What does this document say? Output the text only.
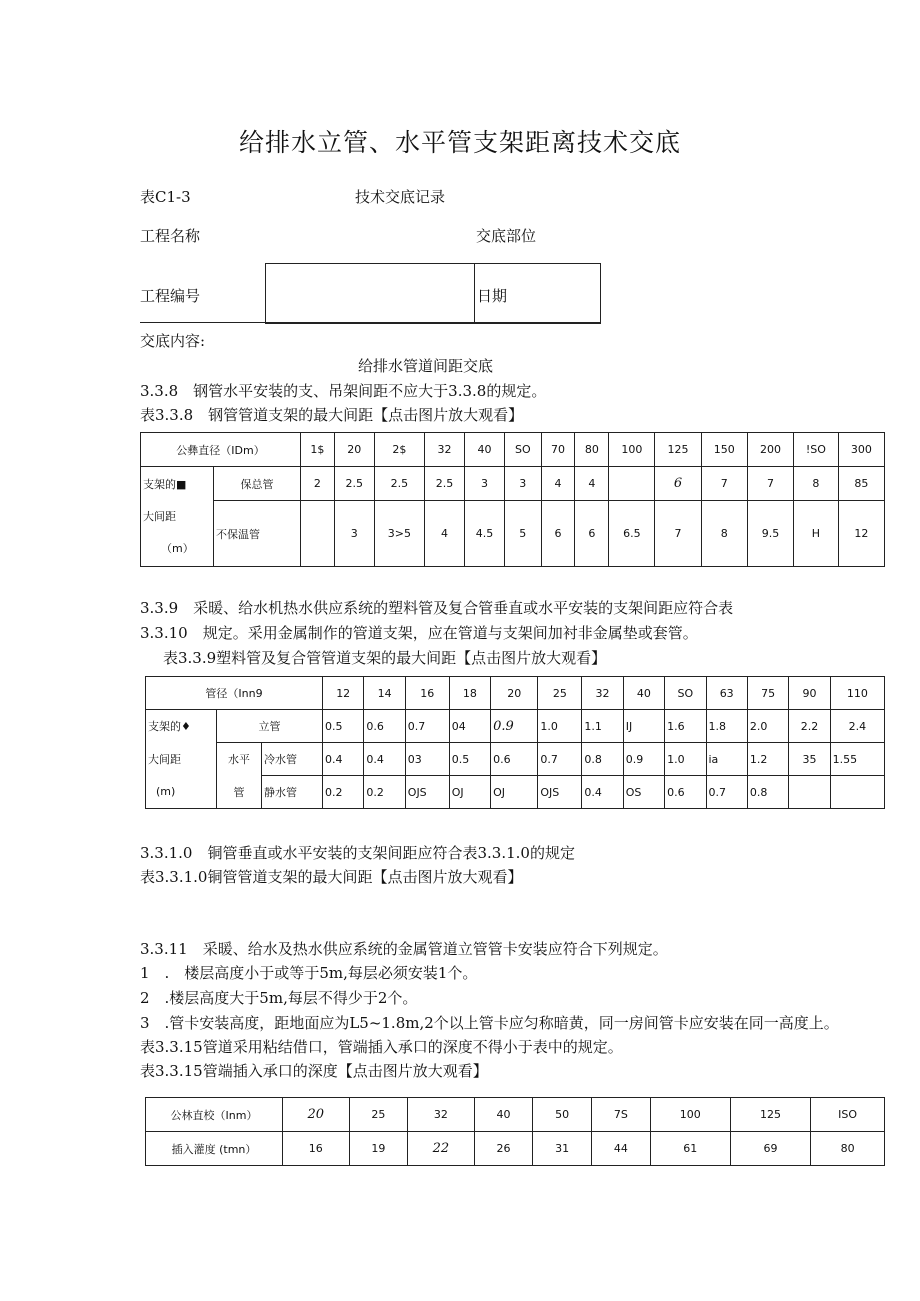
给排水立管、水平管支架距离技术交底
表C1-3	技术交底记录
工程名称	交底部位
工程编号	日期
交底内容:
给排水管道间距交底
3.3.8　钢管水平安装的支、吊架间距不应大于3.3.8的规定。
表3.3.8　钢管管道支架的最大间距【点击图片放大观看】
公彝直径（IDm）		1$	20	2$	32	40	SO	70	80	100	125	150	200	!SO	300
支架的■	保总管	2	2.5	2.5	2.5	3	3	4	4		6	7	7	8	85

大间距
（m）	不保温管		3	3>5	4	4.5	5	6	6	6.5	7	8	9.5	H	12
3.3.9　采暖、给水机热水供应系统的塑料管及复合管垂直或水平安装的支架间距应符合表
3.3.10　规定。采用金属制作的管道支架，应在管道与支架间加衬非金属垫或套管。
表3.3.9塑料管及复合管管道支架的最大间距【点击图片放大观看】
管径（Inn9			12	14	16	18	20	25	32	40	SO	63	75	90	110
支架的♦	立管		0.5	0.6	0.7	04	0.9	1.0	1.1	IJ	1.6	1.8	2.0	2.2	2.4
大间距	水平	冷水管	0.4	0.4	03	0.5	0.6	0.7	0.8	0.9	1.0	ia	1.2	35	1.55
(m)	管	静水管	0.2	0.2	OJS	OJ	OJ	OJS	0.4	OS	0.6	0.7	0.8		
3.3.1.0　铜管垂直或水平安装的支架间距应符合表3.3.1.0的规定
表3.3.1.0铜管管道支架的最大间距【点击图片放大观看】
3.3.11　采暖、给水及热水供应系统的金属管道立管管卡安装应符合下列规定。
1　.　楼层高度小于或等于5m,每层必须安装1个。
2　.楼层高度大于5m,每层不得少于2个。
3　.管卡安装高度，距地面应为L5~1.8m,2个以上管卡应匀称暗黄，同一房间管卡应安装在同一高度上。
表3.3.15管道采用粘结借口，管端插入承口的深度不得小于表中的规定。
表3.3.15管端插入承口的深度【点击图片放大观看】
公林直校（Inm）	20	25	32	40	50	7S	100	125	ISO
插入灌度 (tmn）	16	19	22	26	31	44	61	69	80
